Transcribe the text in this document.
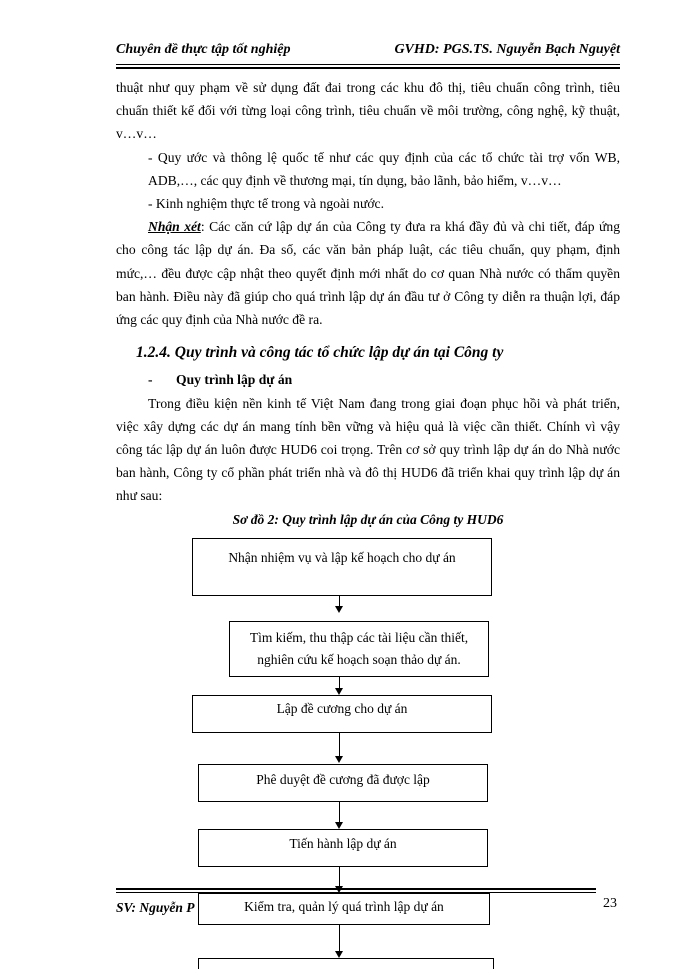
Chuyên đề thực tập tốt nghiệp	GVHD: PGS.TS. Nguyễn Bạch Nguyệt

thuật như quy phạm về sử dụng đất đai trong các khu đô thị, tiêu chuẩn công trình, tiêu chuẩn thiết kế đối với từng loại công trình, tiêu chuẩn về môi trường, công nghệ, kỹ thuật, v…v…

- Quy ước và thông lệ quốc tế như các quy định của các tổ chức tài trợ vốn WB, ADB,…, các quy định về thương mại, tín dụng, bảo lãnh, bảo hiểm, v…v…

- Kinh nghiệm thực tế trong và ngoài nước.

Nhận xét: Các căn cứ lập dự án của Công ty đưa ra khá đầy đủ và chi tiết, đáp ứng cho công tác lập dự án. Đa số, các văn bản pháp luật, các tiêu chuẩn, quy phạm, định mức,… đều được cập nhật theo quyết định mới nhất do cơ quan Nhà nước có thẩm quyền ban hành. Điều này đã giúp cho quá trình lập dự án đầu tư ở Công ty diễn ra thuận lợi, đáp ứng các quy định của Nhà nước đề ra.

1.2.4. Quy trình và công tác tổ chức lập dự án tại Công ty

- Quy trình lập dự án

Trong điều kiện nền kinh tế Việt Nam đang trong giai đoạn phục hồi và phát triển, việc xây dựng các dự án mang tính bền vững và hiệu quả là việc cần thiết. Chính vì vậy công tác lập dự án luôn được HUD6 coi trọng. Trên cơ sở quy trình lập dự án do Nhà nước ban hành, Công ty cổ phần phát triển nhà và đô thị HUD6 đã triển khai quy trình lập dự án như sau:

Sơ đồ 2: Quy trình lập dự án của Công ty HUD6
Nhận nhiệm vụ và lập kế hoạch cho dự án
Tìm kiếm, thu thập các tài liệu cần thiết,
nghiên cứu kế hoạch soạn thảo dự án.
Lập đề cương cho dự án
Phê duyệt đề cương đã được lập
Tiến hành lập dự án
SV: Nguyễn P	23
Kiểm tra, quản lý quá trình lập dự án
